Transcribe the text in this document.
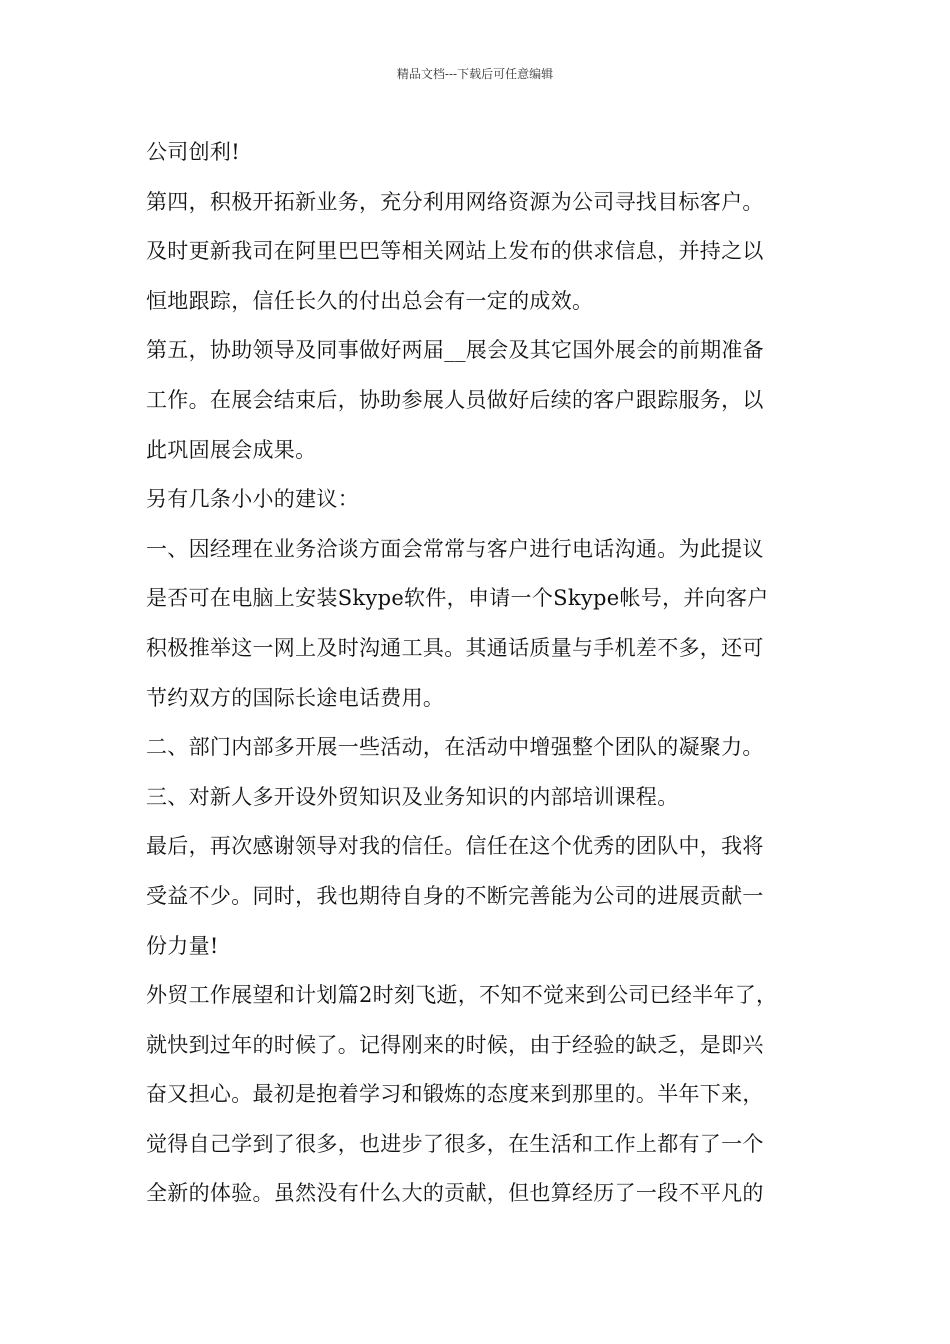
精品文档---下载后可任意编辑
公司创利!
第四，积极开拓新业务，充分利用网络资源为公司寻找目标客户。
及时更新我司在阿里巴巴等相关网站上发布的供求信息，并持之以
恒地跟踪，信任长久的付出总会有一定的成效。
第五，协助领导及同事做好两届__展会及其它国外展会的前期准备
工作。在展会结束后，协助参展人员做好后续的客户跟踪服务，以
此巩固展会成果。
另有几条小小的建议：
一、因经理在业务洽谈方面会常常与客户进行电话沟通。为此提议
是否可在电脑上安装Skype软件，申请一个Skype帐号，并向客户
积极推举这一网上及时沟通工具。其通话质量与手机差不多，还可
节约双方的国际长途电话费用。
二、部门内部多开展一些活动，在活动中增强整个团队的凝聚力。
三、对新人多开设外贸知识及业务知识的内部培训课程。
最后，再次感谢领导对我的信任。信任在这个优秀的团队中，我将
受益不少。同时，我也期待自身的不断完善能为公司的进展贡献一
份力量!
外贸工作展望和计划篇2时刻飞逝，不知不觉来到公司已经半年了，
就快到过年的时候了。记得刚来的时候，由于经验的缺乏，是即兴
奋又担心。最初是抱着学习和锻炼的态度来到那里的。半年下来，
觉得自己学到了很多，也进步了很多，在生活和工作上都有了一个
全新的体验。虽然没有什么大的贡献，但也算经历了一段不平凡的
